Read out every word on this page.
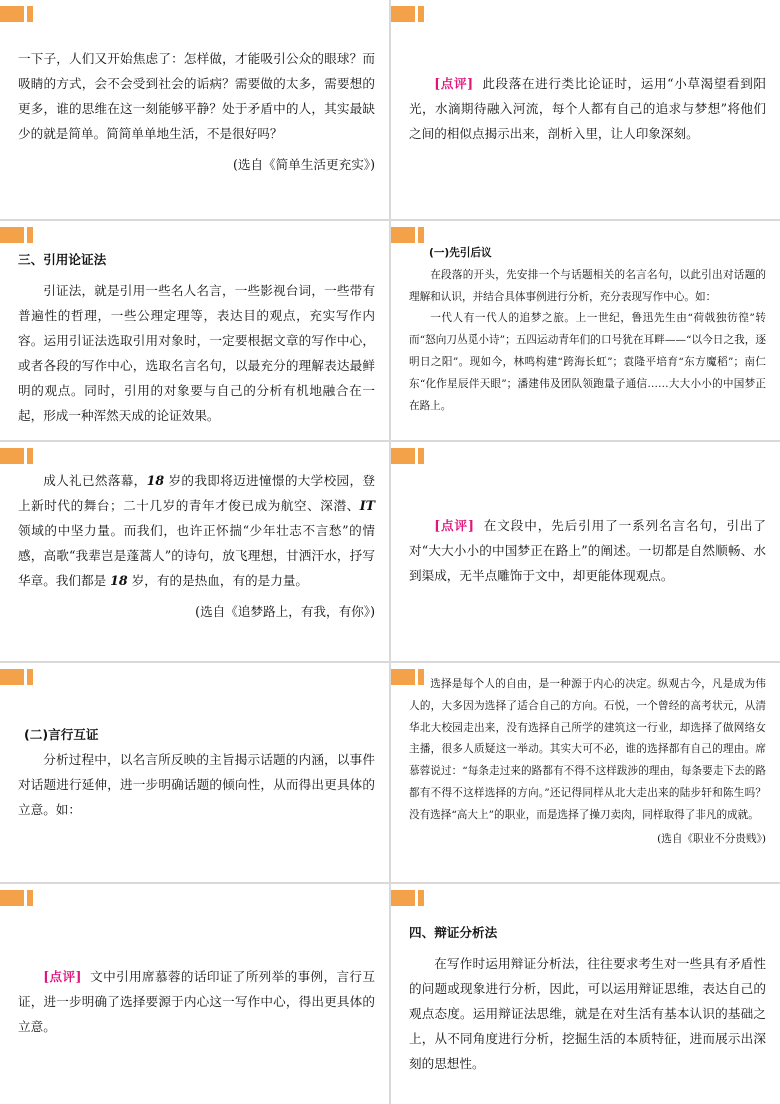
一下子，人们又开始焦虑了：怎样做，才能吸引公众的眼球？而吸睛的方式，会不会受到社会的诟病？需要做的太多，需要想的更多，谁的思维在这一刻能够平静？处于矛盾中的人，其实最缺少的就是简单。简简单单地生活，不是很好吗？

(选自《简单生活更充实》)

[点评] 此段落在进行类比论证时，运用“小草渴望看到阳光，水滴期待融入河流，每个人都有自己的追求与梦想”将他们之间的相似点揭示出来，剖析入里，让人印象深刻。

三、引用论证法

引证法，就是引用一些名人名言，一些影视台词，一些带有普遍性的哲理，一些公理定理等，表达目的观点，充实写作内容。运用引证法选取引用对象时，一定要根据文章的写作中心，或者各段的写作中心，选取名言名句，以最充分的理解表达最鲜明的观点。同时，引用的对象要与自己的分析有机地融合在一起，形成一种浑然天成的论证效果。

(一)先引后议

在段落的开头，先安排一个与话题相关的名言名句，以此引出对话题的理解和认识，并结合具体事例进行分析，充分表现写作中心。如：

一代人有一代人的追梦之旅。上一世纪，鲁迅先生由“荷戟独彷徨”转而“怒向刀丛觅小诗”；五四运动青年们的口号犹在耳畔——“以今日之我，逐明日之阳”。现如今，林鸣构建“跨海长虹”；袁隆平培育“东方魔稻”；南仁东“化作星辰伴天眼”；潘建伟及团队领跑量子通信……大大小小的中国梦正在路上。

成人礼已然落幕，18 岁的我即将迈进憧憬的大学校园，登上新时代的舞台；二十几岁的青年才俊已成为航空、深潜、IT 领域的中坚力量。而我们，也许正怀揣“少年壮志不言愁”的情感，高歌“我辈岂是蓬蒿人”的诗句，放飞理想，甘洒汗水，抒写华章。我们都是 18 岁，有的是热血，有的是力量。

(选自《追梦路上，有我，有你》)

[点评] 在文段中，先后引用了一系列名言名句，引出了对“大大小小的中国梦正在路上”的阐述。一切都是自然顺畅、水到渠成，无半点雕饰于文中，却更能体现观点。

(二)言行互证

分析过程中，以名言所反映的主旨揭示话题的内涵，以事件对话题进行延伸，进一步明确话题的倾向性，从而得出更具体的立意。如：

选择是每个人的自由，是一种源于内心的决定。纵观古今，凡是成为伟人的，大多因为选择了适合自己的方向。石悦，一个曾经的高考状元，从清华北大校园走出来，没有选择自己所学的建筑这一行业，却选择了做网络女主播，很多人质疑这一举动。其实大可不必，谁的选择都有自己的理由。席慕蓉说过：“每条走过来的路都有不得不这样跋涉的理由，每条要走下去的路都有不得不这样选择的方向。”还记得同样从北大走出来的陆步轩和陈生吗？没有选择“高大上”的职业，而是选择了操刀卖肉，同样取得了非凡的成就。

(选自《职业不分贵贱》)

[点评] 文中引用席慕蓉的话印证了所列举的事例，言行互证，进一步明确了选择要源于内心这一写作中心，得出更具体的立意。

四、辩证分析法

在写作时运用辩证分析法，往往要求考生对一些具有矛盾性的问题或现象进行分析，因此，可以运用辩证思维，表达自己的观点态度。运用辩证法思维，就是在对生活有基本认识的基础之上，从不同角度进行分析，挖掘生活的本质特征，进而展示出深刻的思想性。
